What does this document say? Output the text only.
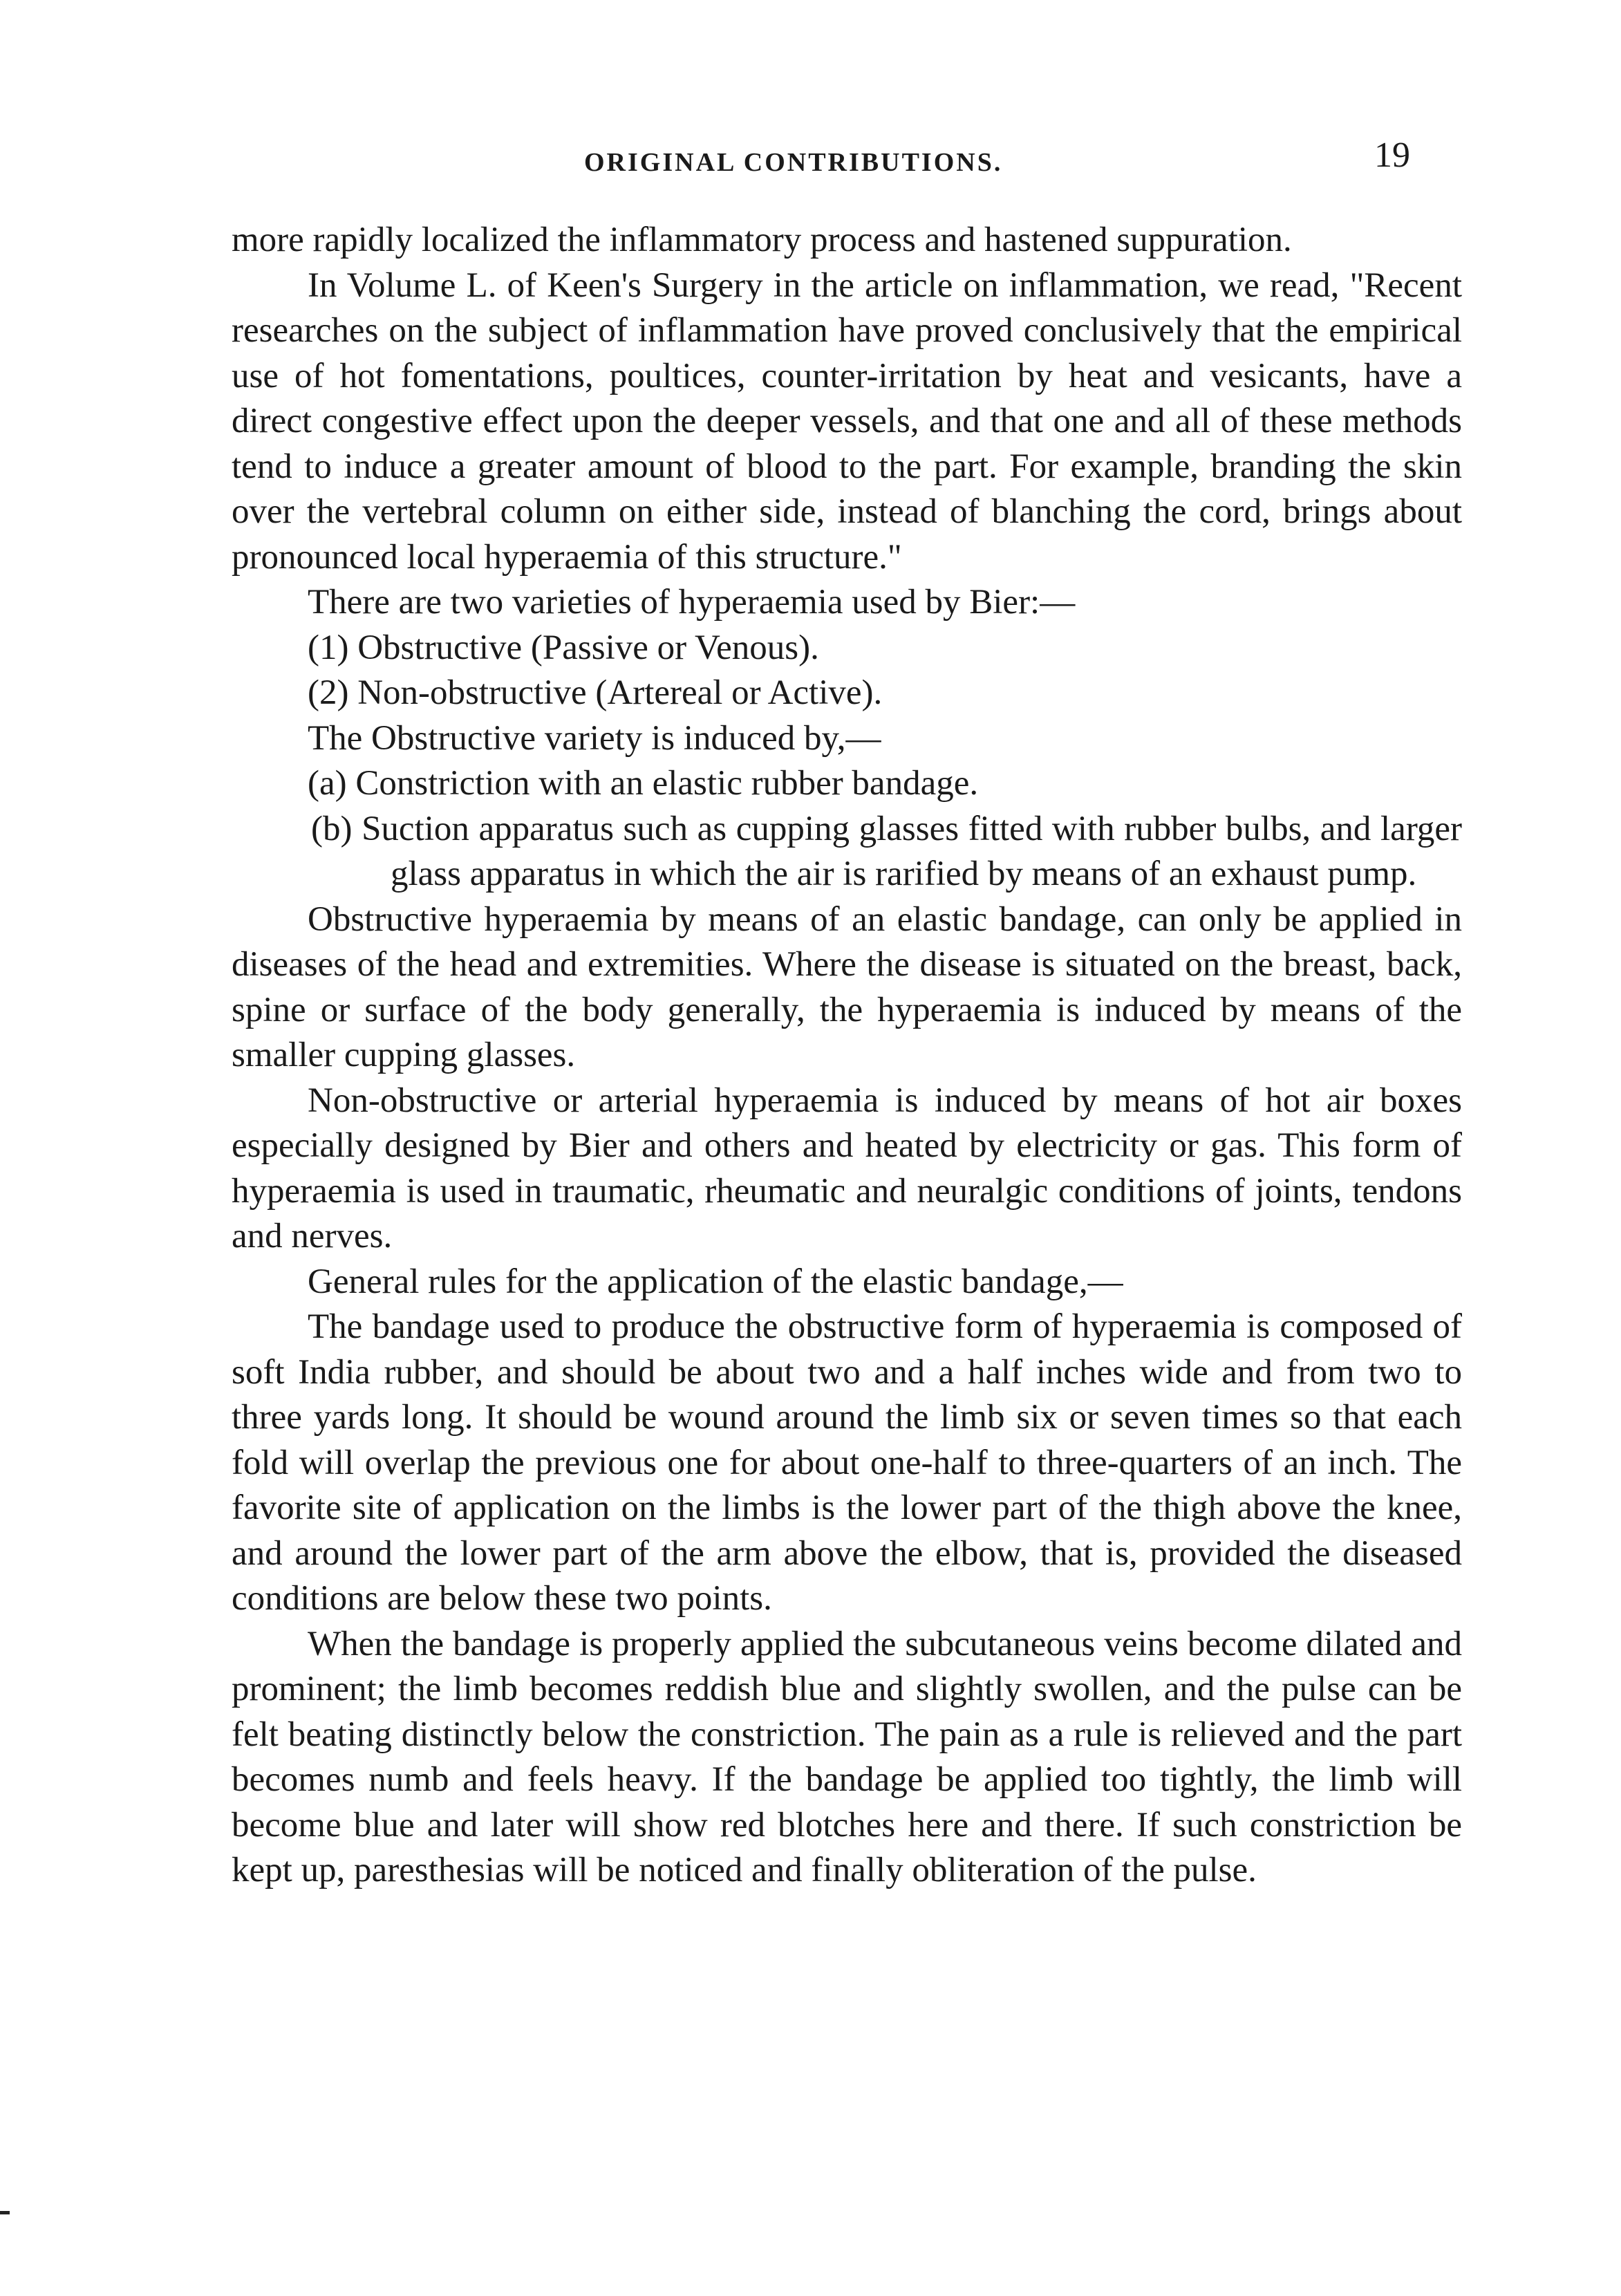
ORIGINAL CONTRIBUTIONS.	19

more rapidly localized the inflammatory process and hastened suppuration.

In Volume L. of Keen's Surgery in the article on inflammation, we read, "Recent researches on the subject of inflammation have proved conclusively that the empirical use of hot fomentations, poultices, counter-irritation by heat and vesicants, have a direct congestive effect upon the deeper vessels, and that one and all of these methods tend to induce a greater amount of blood to the part. For example, branding the skin over the vertebral column on either side, instead of blanching the cord, brings about pronounced local hyperaemia of this structure."

There are two varieties of hyperaemia used by Bier:—

(1) Obstructive (Passive or Venous).

(2) Non-obstructive (Artereal or Active).

The Obstructive variety is induced by,—

(a) Constriction with an elastic rubber bandage.

(b) Suction apparatus such as cupping glasses fitted with rubber bulbs, and larger glass apparatus in which the air is rarified by means of an exhaust pump.

Obstructive hyperaemia by means of an elastic bandage, can only be applied in diseases of the head and extremities. Where the disease is situated on the breast, back, spine or surface of the body generally, the hyperaemia is induced by means of the smaller cupping glasses.

Non-obstructive or arterial hyperaemia is induced by means of hot air boxes especially designed by Bier and others and heated by electricity or gas. This form of hyperaemia is used in traumatic, rheumatic and neuralgic conditions of joints, tendons and nerves.

General rules for the application of the elastic bandage,—

The bandage used to produce the obstructive form of hyperaemia is composed of soft India rubber, and should be about two and a half inches wide and from two to three yards long. It should be wound around the limb six or seven times so that each fold will overlap the previous one for about one-half to three-quarters of an inch. The favorite site of application on the limbs is the lower part of the thigh above the knee, and around the lower part of the arm above the elbow, that is, provided the diseased conditions are below these two points.

When the bandage is properly applied the subcutaneous veins become dilated and prominent; the limb becomes reddish blue and slightly swollen, and the pulse can be felt beating distinctly below the constriction. The pain as a rule is relieved and the part becomes numb and feels heavy. If the bandage be applied too tightly, the limb will become blue and later will show red blotches here and there. If such constriction be kept up, paresthesias will be noticed and finally obliteration of the pulse.
